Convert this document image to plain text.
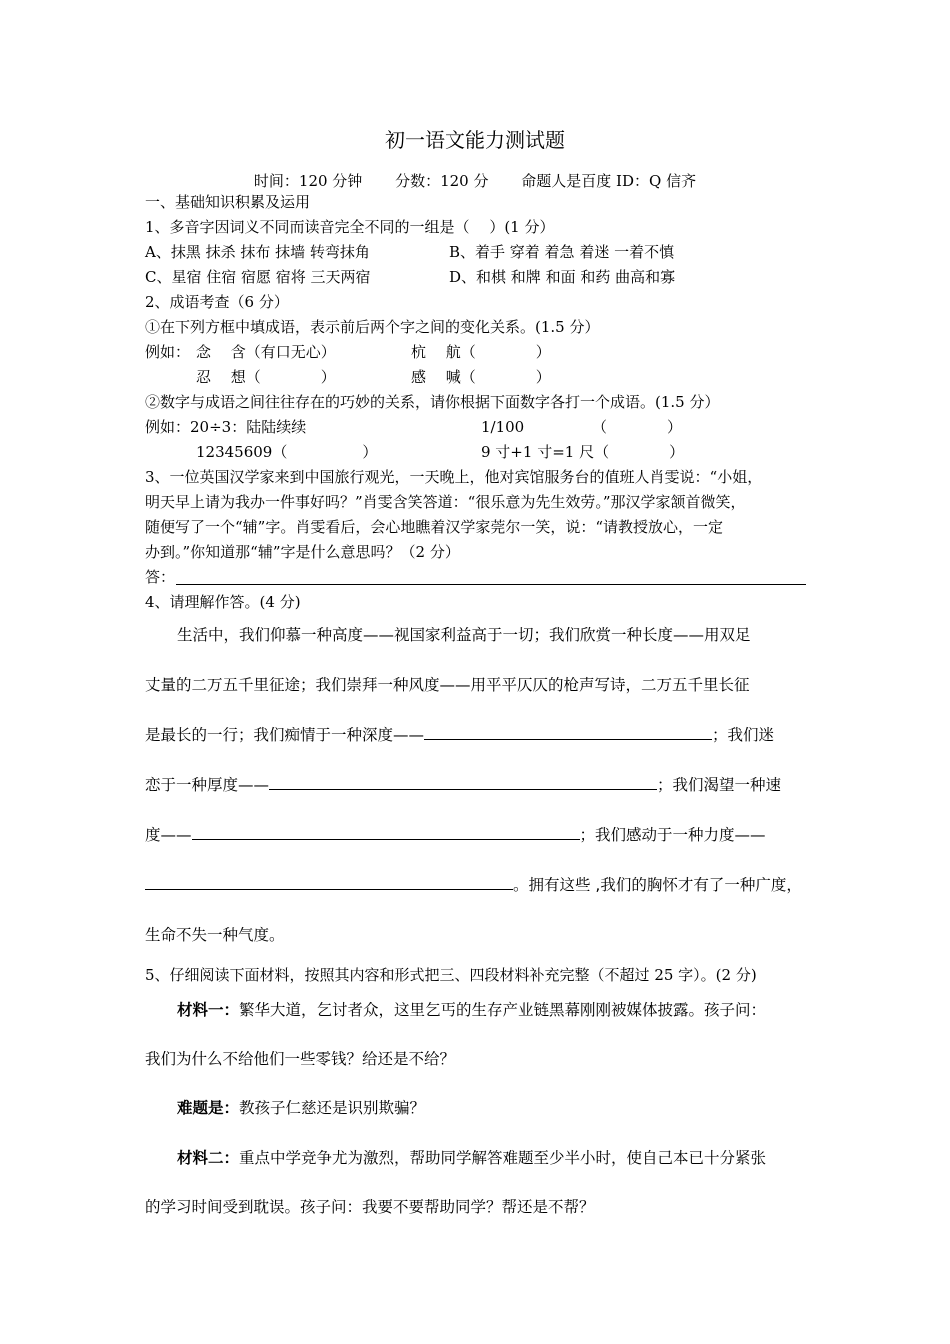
初一语文能力测试题
时间：120 分钟 分数：120 分 命题人是百度 ID：Q 信齐
一、基础知识积累及运用
1、多音字因词义不同而读音完全不同的一组是（　 ）(1 分）
A、抹黑 抹杀 抹布 抹墙 转弯抹角	B、着手 穿着 着急 着迷 一着不慎
C、星宿 住宿 宿愿 宿将 三天两宿	D、和棋 和牌 和面 和药 曲高和寡
2、成语考查（6 分）
①在下列方框中填成语，表示前后两个字之间的变化关系。(1.5 分）
例如： 念　 含（有口无心）	杭　 航（　　　　）
忍　 想（　　　　）	感　 喊（　　　　）
②数字与成语之间往往存在的巧妙的关系，请你根据下面数字各打一个成语。(1.5 分）
例如：20÷3：陆陆续续	1/100	（　　　　）
12345609（　　　　　）	9 寸+1 寸=1 尺（　　　　）
3、一位英国汉学家来到中国旅行观光，一天晚上，他对宾馆服务台的值班人肖雯说：“小姐，
明天早上请为我办一件事好吗？”肖雯含笑答道：“很乐意为先生效劳。”那汉学家颔首微笑，
随便写了一个“辅”字。肖雯看后，会心地瞧着汉学家莞尔一笑，说：“请教授放心，一定
办到。”你知道那“辅”字是什么意思吗？（2 分）
答：
4、请理解作答。(4 分)
生活中，我们仰慕一种高度——视国家利益高于一切；我们欣赏一种长度——用双足
丈量的二万五千里征途；我们崇拜一种风度——用平平仄仄的枪声写诗，二万五千里长征
是最长的一行；我们痴情于一种深度——	；我们迷
恋于一种厚度——	；我们渴望一种速
度——	；我们感动于一种力度——
。拥有这些 ,我们的胸怀才有了一种广度，
生命不失一种气度。
5、仔细阅读下面材料，按照其内容和形式把三、四段材料补充完整（不超过 25 字）。(2 分)
材料一：繁华大道，乞讨者众，这里乞丐的生存产业链黑幕刚刚被媒体披露。孩子问：
我们为什么不给他们一些零钱？给还是不给？
难题是：教孩子仁慈还是识别欺骗？
材料二：重点中学竞争尤为激烈，帮助同学解答难题至少半小时，使自己本已十分紧张
的学习时间受到耽误。孩子问：我要不要帮助同学？帮还是不帮？
